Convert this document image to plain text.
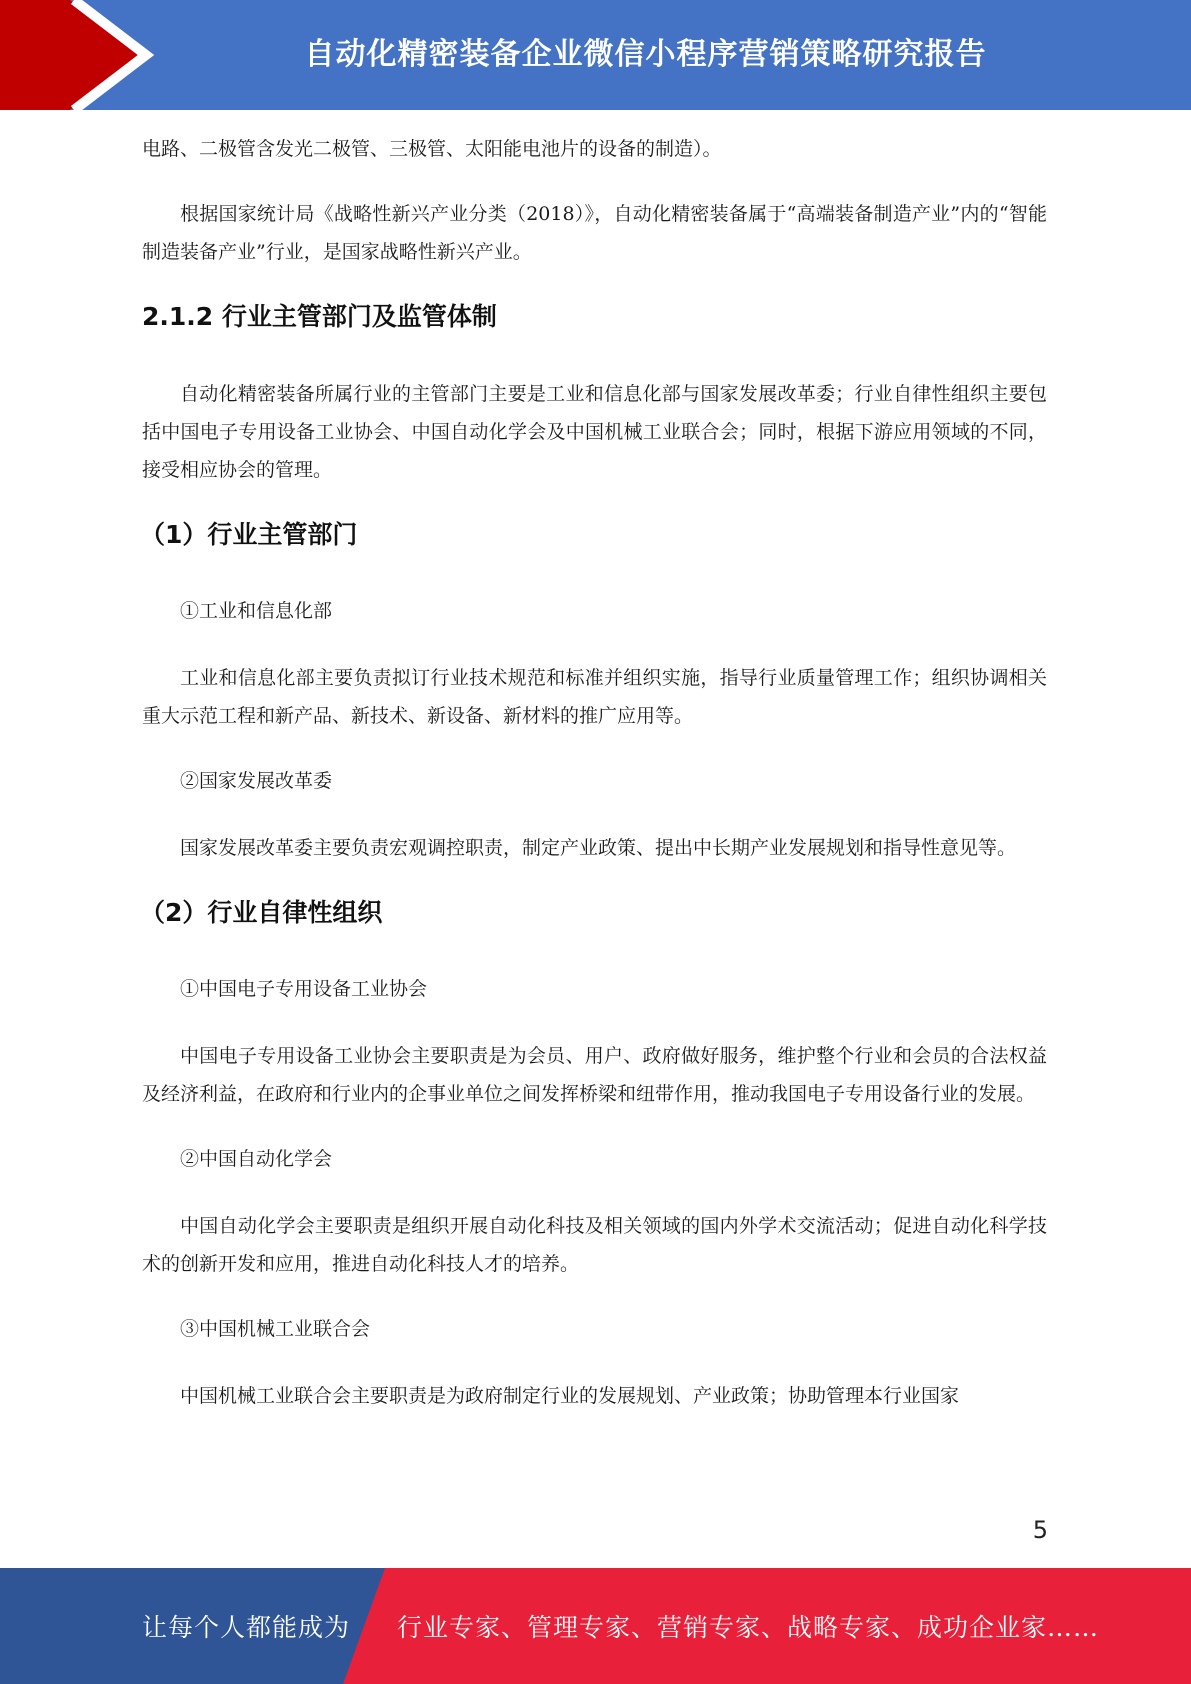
自动化精密装备企业微信小程序营销策略研究报告

电路、二极管含发光二极管、三极管、太阳能电池片的设备的制造）。

根据国家统计局《战略性新兴产业分类（2018）》，自动化精密装备属于“高端装备制造产业”内的“智能制造装备产业”行业，是国家战略性新兴产业。

2.1.2 行业主管部门及监管体制

自动化精密装备所属行业的主管部门主要是工业和信息化部与国家发展改革委；行业自律性组织主要包括中国电子专用设备工业协会、中国自动化学会及中国机械工业联合会；同时，根据下游应用领域的不同，接受相应协会的管理。

（1）行业主管部门

①工业和信息化部

工业和信息化部主要负责拟订行业技术规范和标准并组织实施，指导行业质量管理工作；组织协调相关重大示范工程和新产品、新技术、新设备、新材料的推广应用等。

②国家发展改革委

国家发展改革委主要负责宏观调控职责，制定产业政策、提出中长期产业发展规划和指导性意见等。

（2）行业自律性组织

①中国电子专用设备工业协会

中国电子专用设备工业协会主要职责是为会员、用户、政府做好服务，维护整个行业和会员的合法权益及经济利益，在政府和行业内的企事业单位之间发挥桥梁和纽带作用，推动我国电子专用设备行业的发展。

②中国自动化学会

中国自动化学会主要职责是组织开展自动化科技及相关领域的国内外学术交流活动；促进自动化科学技术的创新开发和应用，推进自动化科技人才的培养。

③中国机械工业联合会

中国机械工业联合会主要职责是为政府制定行业的发展规划、产业政策；协助管理本行业国家

5
让每个人都能成为 行业专家、管理专家、营销专家、战略专家、成功企业家……
